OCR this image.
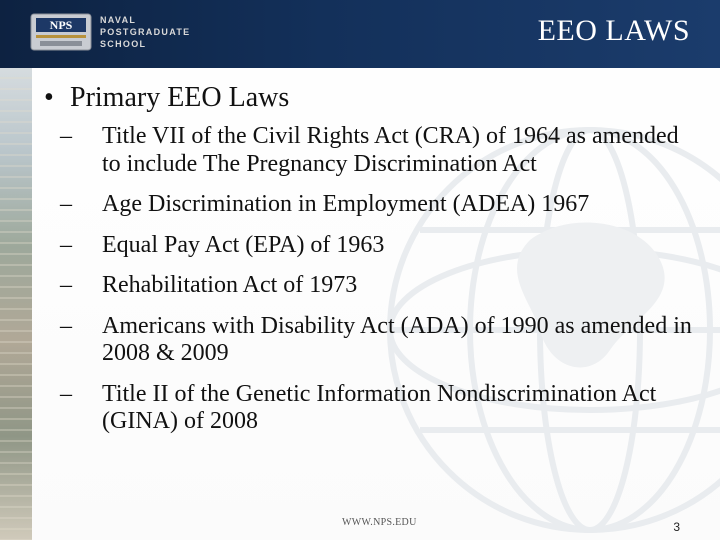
NPS	NAVAL
POSTGRADUATE
SCHOOL	EEO LAWS
• Primary EEO Laws
– Title VII of the Civil Rights Act (CRA) of 1964 as amended to include The Pregnancy Discrimination Act
– Age Discrimination in Employment (ADEA) 1967
– Equal Pay Act (EPA) of 1963
– Rehabilitation Act of 1973
– Americans with Disability Act (ADA) of 1990 as amended in 2008 & 2009
– Title II of the Genetic Information Nondiscrimination Act (GINA) of 2008
WWW.NPS.EDU	3
